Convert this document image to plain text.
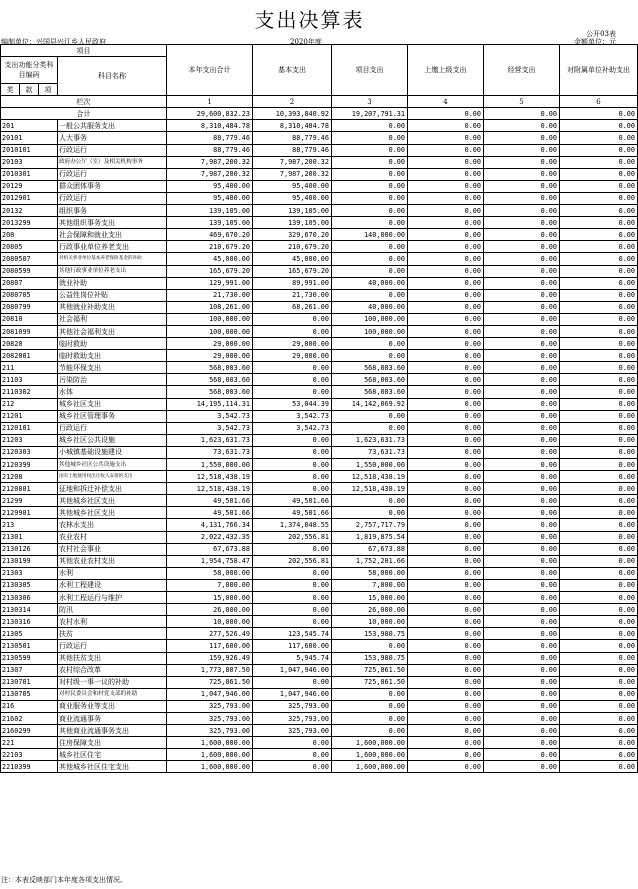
支出决算表
公开03表
编制单位：兴国县兴江乡人民政府	2020年度	金额单位：元
项目				本年支出合计	基本支出	项目支出	上缴上级支出	经营支出	对附属单位补助支出
支出功能分类科目编码			科目名称						
类	款	项							
栏次				1	2	3	4	5	6
合计				29,600,832.23	10,393,040.92	19,207,791.31	0.00	0.00	0.00
201			一般公共服务支出	8,310,484.78	8,310,484.78	0.00	0.00	0.00	0.00
20101			人大事务	88,779.46	88,779.46	0.00	0.00	0.00	0.00
2010101			行政运行	88,779.46	88,779.46	0.00	0.00	0.00	0.00
20103			政府办公厅（室）及相关机构事务	7,987,200.32	7,987,200.32	0.00	0.00	0.00	0.00
2010301			行政运行	7,987,200.32	7,987,200.32	0.00	0.00	0.00	0.00
20129			群众团体事务	95,400.00	95,400.00	0.00	0.00	0.00	0.00
2012901			行政运行	95,400.00	95,400.00	0.00	0.00	0.00	0.00
20132			组织事务	139,105.00	139,105.00	0.00	0.00	0.00	0.00
2013299			其他组织事务支出	139,105.00	139,105.00	0.00	0.00	0.00	0.00
208			社会保障和就业支出	469,670.20	329,670.20	140,000.00	0.00	0.00	0.00
20805			行政事业单位养老支出	210,679.20	210,679.20	0.00	0.00	0.00	0.00
2080507			对机关事业单位基本养老保险基金的补助	45,000.00	45,000.00	0.00	0.00	0.00	0.00
2080599			其他行政事业单位养老支出	165,679.20	165,679.20	0.00	0.00	0.00	0.00
20807			就业补助	129,991.00	89,991.00	40,000.00	0.00	0.00	0.00
2080705			公益性岗位补贴	21,730.00	21,730.00	0.00	0.00	0.00	0.00
2080799			其他就业补助支出	108,261.00	68,261.00	40,000.00	0.00	0.00	0.00
20810			社会福利	100,000.00	0.00	100,000.00	0.00	0.00	0.00
2081099			其他社会福利支出	100,000.00	0.00	100,000.00	0.00	0.00	0.00
20820			临时救助	29,000.00	29,000.00	0.00	0.00	0.00	0.00
2082001			临时救助支出	29,000.00	29,000.00	0.00	0.00	0.00	0.00
211			节能环保支出	568,003.60	0.00	568,003.60	0.00	0.00	0.00
21103			污染防治	568,003.60	0.00	568,003.60	0.00	0.00	0.00
2110302			水体	568,003.60	0.00	568,003.60	0.00	0.00	0.00
212			城乡社区支出	14,195,114.31	53,044.39	14,142,069.92	0.00	0.00	0.00
21201			城乡社区管理事务	3,542.73	3,542.73	0.00	0.00	0.00	0.00
2120101			行政运行	3,542.73	3,542.73	0.00	0.00	0.00	0.00
21203			城乡社区公共设施	1,623,631.73	0.00	1,623,631.73	0.00	0.00	0.00
2120303			小城镇基础设施建设	73,631.73	0.00	73,631.73	0.00	0.00	0.00
2120399			其他城乡社区公共设施支出	1,550,000.00	0.00	1,550,000.00	0.00	0.00	0.00
21208			国有土地使用权出让收入安排的支出	12,518,438.19	0.00	12,518,438.19	0.00	0.00	0.00
2120801			征地和拆迁补偿支出	12,518,438.19	0.00	12,518,438.19	0.00	0.00	0.00
21299			其他城乡社区支出	49,501.66	49,501.66	0.00	0.00	0.00	0.00
2129901			其他城乡社区支出	49,501.66	49,501.66	0.00	0.00	0.00	0.00
213			农林水支出	4,131,766.34	1,374,048.55	2,757,717.79	0.00	0.00	0.00
21301			农业农村	2,022,432.35	202,556.81	1,819,875.54	0.00	0.00	0.00
2130126			农村社会事业	67,673.88	0.00	67,673.88	0.00	0.00	0.00
2130199			其他农业农村支出	1,954,758.47	202,556.81	1,752,201.66	0.00	0.00	0.00
21303			水利	58,000.00	0.00	58,000.00	0.00	0.00	0.00
2130305			水利工程建设	7,000.00	0.00	7,000.00	0.00	0.00	0.00
2130306			水利工程运行与维护	15,000.00	0.00	15,000.00	0.00	0.00	0.00
2130314			防汛	26,000.00	0.00	26,000.00	0.00	0.00	0.00
2130316			农村水利	10,000.00	0.00	10,000.00	0.00	0.00	0.00
21305			扶贫	277,526.49	123,545.74	153,980.75	0.00	0.00	0.00
2130501			行政运行	117,600.00	117,600.00	0.00	0.00	0.00	0.00
2130599			其他扶贫支出	159,926.49	5,945.74	153,980.75	0.00	0.00	0.00
21307			农村综合改革	1,773,807.50	1,047,946.00	725,861.50	0.00	0.00	0.00
2130701			对村级一事一议的补助	725,861.50	0.00	725,861.50	0.00	0.00	0.00
2130705			对村民委员会和村党支部的补助	1,047,946.00	1,047,946.00	0.00	0.00	0.00	0.00
216			商业服务业等支出	325,793.00	325,793.00	0.00	0.00	0.00	0.00
21602			商业流通事务	325,793.00	325,793.00	0.00	0.00	0.00	0.00
2160299			其他商业流通事务支出	325,793.00	325,793.00	0.00	0.00	0.00	0.00
221			住房保障支出	1,600,000.00	0.00	1,600,000.00	0.00	0.00	0.00
22103			城乡社区住宅	1,600,000.00	0.00	1,600,000.00	0.00	0.00	0.00
2210399			其他城乡社区住宅支出	1,600,000.00	0.00	1,600,000.00	0.00	0.00	0.00
注：本表反映部门本年度各项支出情况。
